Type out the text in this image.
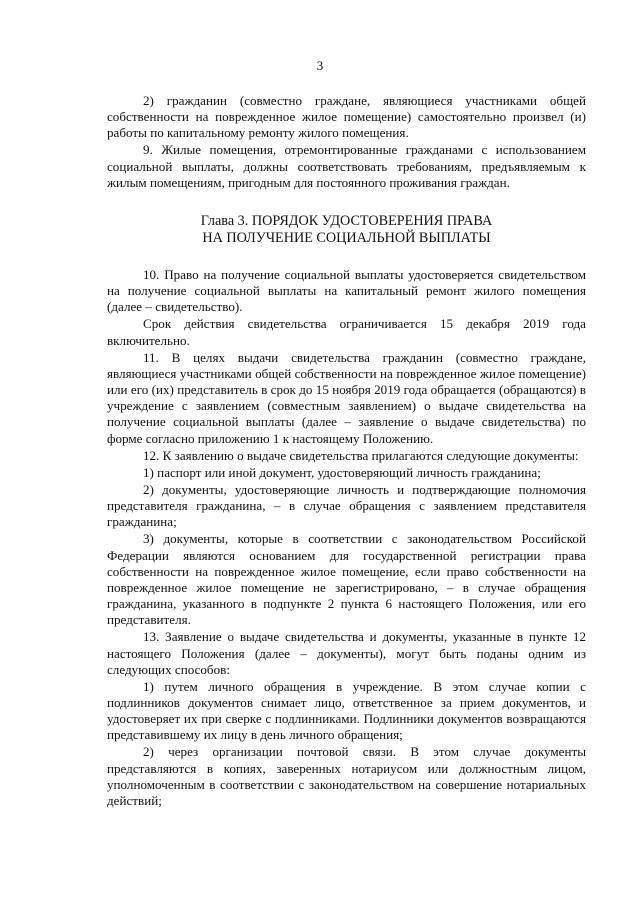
3

2) гражданин (совместно граждане, являющиеся участниками общей собственности на поврежденное жилое помещение) самостоятельно произвел (и) работы по капитальному ремонту жилого помещения.

9. Жилые помещения, отремонтированные гражданами с использованием социальной выплаты, должны соответствовать требованиям, предъявляемым к жилым помещениям, пригодным для постоянного проживания граждан.

Глава 3. ПОРЯДОК УДОСТОВЕРЕНИЯ ПРАВА
НА ПОЛУЧЕНИЕ СОЦИАЛЬНОЙ ВЫПЛАТЫ

10. Право на получение социальной выплаты удостоверяется свидетельством на получение социальной выплаты на капитальный ремонт жилого помещения (далее – свидетельство).

Срок действия свидетельства ограничивается 15 декабря 2019 года включительно.

11. В целях выдачи свидетельства гражданин (совместно граждане, являющиеся участниками общей собственности на поврежденное жилое помещение) или его (их) представитель в срок до 15 ноября 2019 года обращается (обращаются) в учреждение с заявлением (совместным заявлением) о выдаче свидетельства на получение социальной выплаты (далее – заявление о выдаче свидетельства) по форме согласно приложению 1 к настоящему Положению.

12. К заявлению о выдаче свидетельства прилагаются следующие документы:

1) паспорт или иной документ, удостоверяющий личность гражданина;

2) документы, удостоверяющие личность и подтверждающие полномочия представителя гражданина, – в случае обращения с заявлением представителя гражданина;

3) документы, которые в соответствии с законодательством Российской Федерации являются основанием для государственной регистрации права собственности на поврежденное жилое помещение, если право собственности на поврежденное жилое помещение не зарегистрировано, – в случае обращения гражданина, указанного в подпункте 2 пункта 6 настоящего Положения, или его представителя.

13. Заявление о выдаче свидетельства и документы, указанные в пункте 12 настоящего Положения (далее – документы), могут быть поданы одним из следующих способов:

1) путем личного обращения в учреждение. В этом случае копии с подлинников документов снимает лицо, ответственное за прием документов, и удостоверяет их при сверке с подлинниками. Подлинники документов возвращаются представившему их лицу в день личного обращения;

2) через организации почтовой связи. В этом случае документы представляются в копиях, заверенных нотариусом или должностным лицом, уполномоченным в соответствии с законодательством на совершение нотариальных действий;
